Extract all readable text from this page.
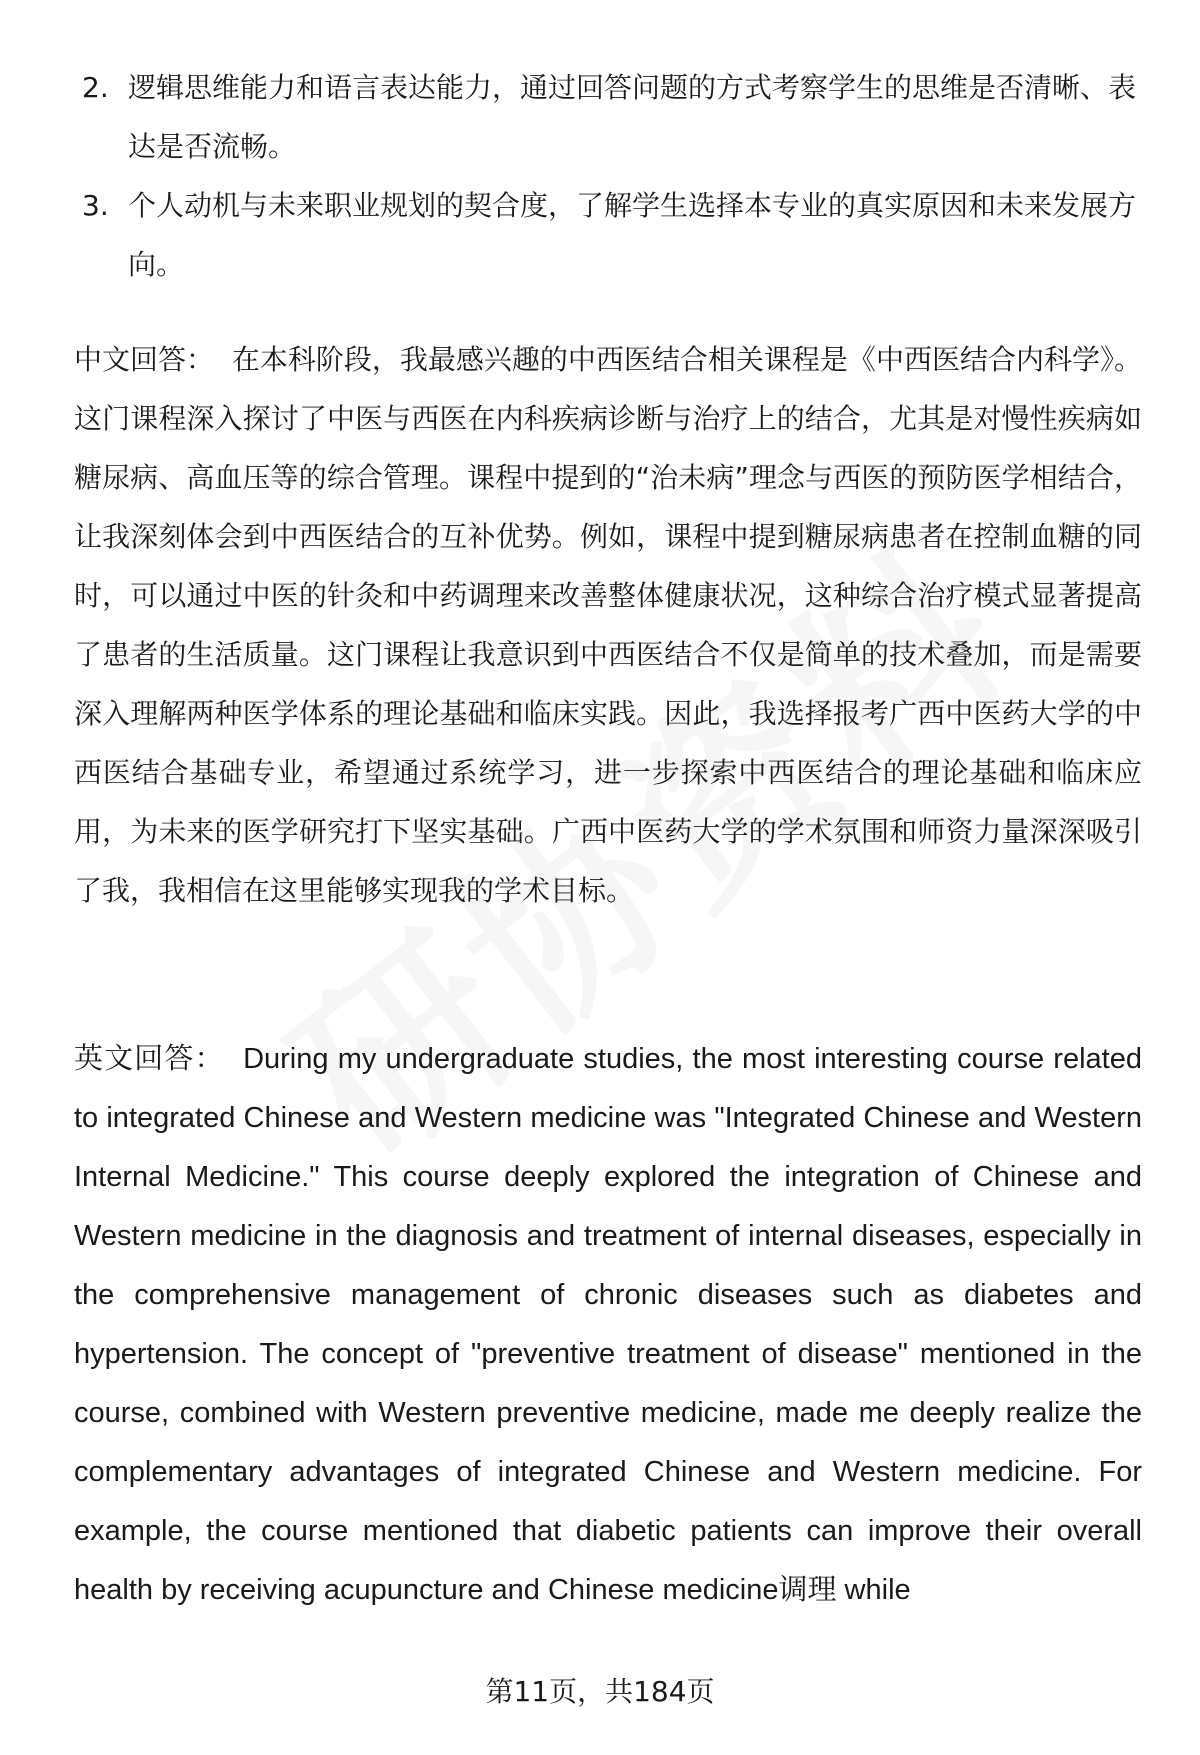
2. 逻辑思维能力和语言表达能力，通过回答问题的方式考察学生的思维是否清晰、表达是否流畅。
3. 个人动机与未来职业规划的契合度，了解学生选择本专业的真实原因和未来发展方向。

中文回答： 在本科阶段，我最感兴趣的中西医结合相关课程是《中西医结合内科学》。这门课程深入探讨了中医与西医在内科疾病诊断与治疗上的结合，尤其是对慢性疾病如糖尿病、高血压等的综合管理。课程中提到的“治未病”理念与西医的预防医学相结合，让我深刻体会到中西医结合的互补优势。例如，课程中提到糖尿病患者在控制血糖的同时，可以通过中医的针灸和中药调理来改善整体健康状况，这种综合治疗模式显著提高了患者的生活质量。这门课程让我意识到中西医结合不仅是简单的技术叠加，而是需要深入理解两种医学体系的理论基础和临床实践。因此，我选择报考广西中医药大学的中西医结合基础专业，希望通过系统学习，进一步探索中西医结合的理论基础和临床应用，为未来的医学研究打下坚实基础。广西中医药大学的学术氛围和师资力量深深吸引了我，我相信在这里能够实现我的学术目标。

英文回答： During my undergraduate studies, the most interesting course related to integrated Chinese and Western medicine was "Integrated Chinese and Western Internal Medicine." This course deeply explored the integration of Chinese and Western medicine in the diagnosis and treatment of internal diseases, especially in the comprehensive management of chronic diseases such as diabetes and hypertension. The concept of "preventive treatment of disease" mentioned in the course, combined with Western preventive medicine, made me deeply realize the complementary advantages of integrated Chinese and Western medicine. For example, the course mentioned that diabetic patients can improve their overall health by receiving acupuncture and Chinese medicine调理 while

第11页，共184页
